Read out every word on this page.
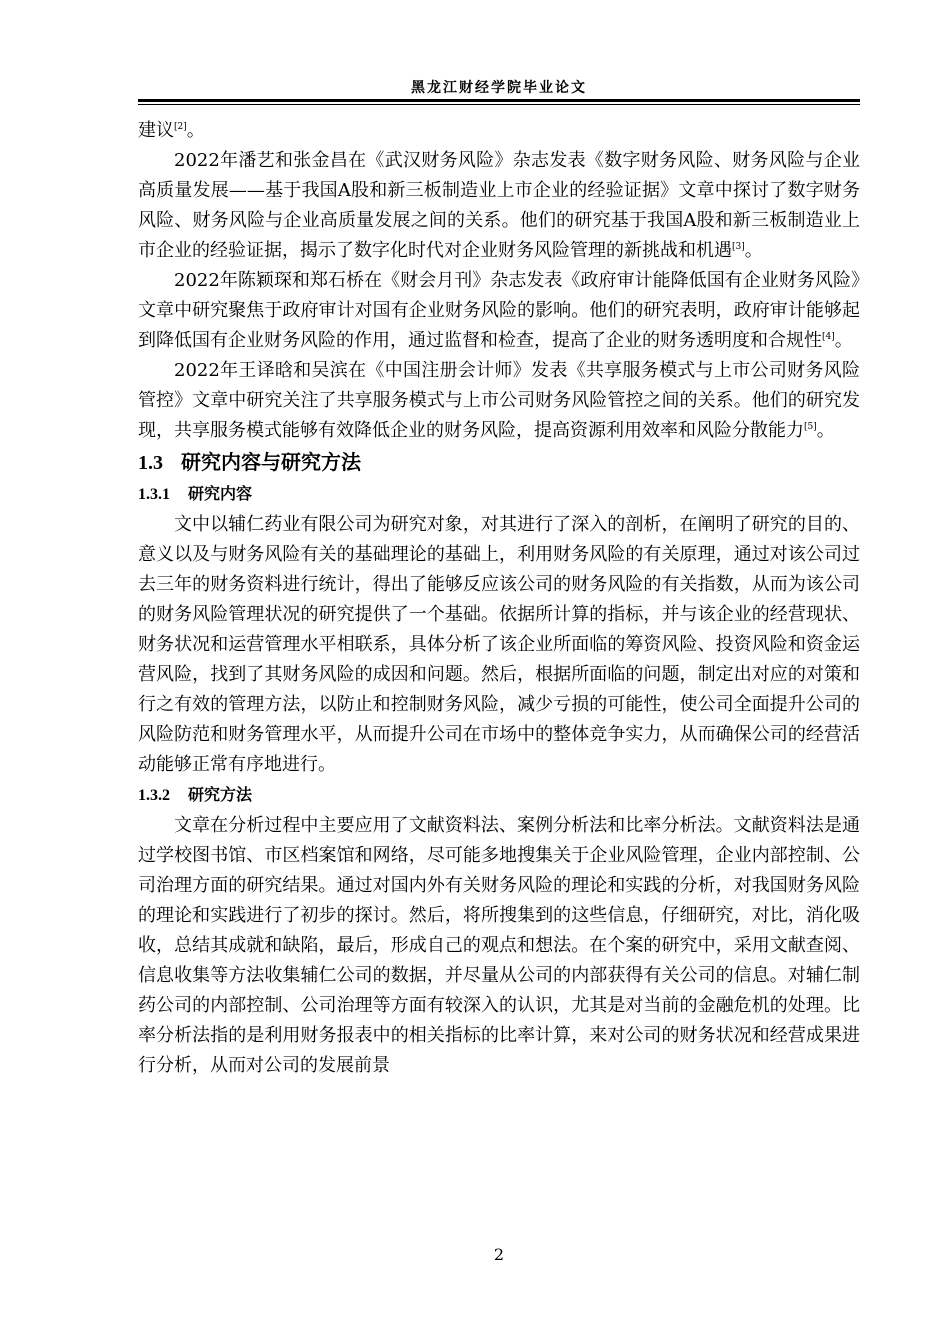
黑龙江财经学院毕业论文

建议[2]。

2022年潘艺和张金昌在《武汉财务风险》杂志发表《数字财务风险、财务风险与企业高质量发展——基于我国A股和新三板制造业上市企业的经验证据》文章中探讨了数字财务风险、财务风险与企业高质量发展之间的关系。他们的研究基于我国A股和新三板制造业上市企业的经验证据，揭示了数字化时代对企业财务风险管理的新挑战和机遇[3]。

2022年陈颖琛和郑石桥在《财会月刊》杂志发表《政府审计能降低国有企业财务风险》文章中研究聚焦于政府审计对国有企业财务风险的影响。他们的研究表明，政府审计能够起到降低国有企业财务风险的作用，通过监督和检查，提高了企业的财务透明度和合规性[4]。

2022年王译晗和吴滨在《中国注册会计师》发表《共享服务模式与上市公司财务风险管控》文章中研究关注了共享服务模式与上市公司财务风险管控之间的关系。他们的研究发现，共享服务模式能够有效降低企业的财务风险，提高资源利用效率和风险分散能力[5]。

1.3 研究内容与研究方法
1.3.1 研究内容

文中以辅仁药业有限公司为研究对象，对其进行了深入的剖析，在阐明了研究的目的、意义以及与财务风险有关的基础理论的基础上，利用财务风险的有关原理，通过对该公司过去三年的财务资料进行统计，得出了能够反应该公司的财务风险的有关指数，从而为该公司的财务风险管理状况的研究提供了一个基础。依据所计算的指标，并与该企业的经营现状、财务状况和运营管理水平相联系，具体分析了该企业所面临的筹资风险、投资风险和资金运营风险，找到了其财务风险的成因和问题。然后，根据所面临的问题，制定出对应的对策和行之有效的管理方法，以防止和控制财务风险，减少亏损的可能性，使公司全面提升公司的风险防范和财务管理水平，从而提升公司在市场中的整体竞争实力，从而确保公司的经营活动能够正常有序地进行。

1.3.2 研究方法

文章在分析过程中主要应用了文献资料法、案例分析法和比率分析法。文献资料法是通过学校图书馆、市区档案馆和网络，尽可能多地搜集关于企业风险管理，企业内部控制、公司治理方面的研究结果。通过对国内外有关财务风险的理论和实践的分析，对我国财务风险的理论和实践进行了初步的探讨。然后，将所搜集到的这些信息，仔细研究，对比，消化吸收，总结其成就和缺陷，最后，形成自己的观点和想法。在个案的研究中，采用文献查阅、信息收集等方法收集辅仁公司的数据，并尽量从公司的内部获得有关公司的信息。对辅仁制药公司的内部控制、公司治理等方面有较深入的认识，尤其是对当前的金融危机的处理。比率分析法指的是利用财务报表中的相关指标的比率计算，来对公司的财务状况和经营成果进行分析，从而对公司的发展前景

2
